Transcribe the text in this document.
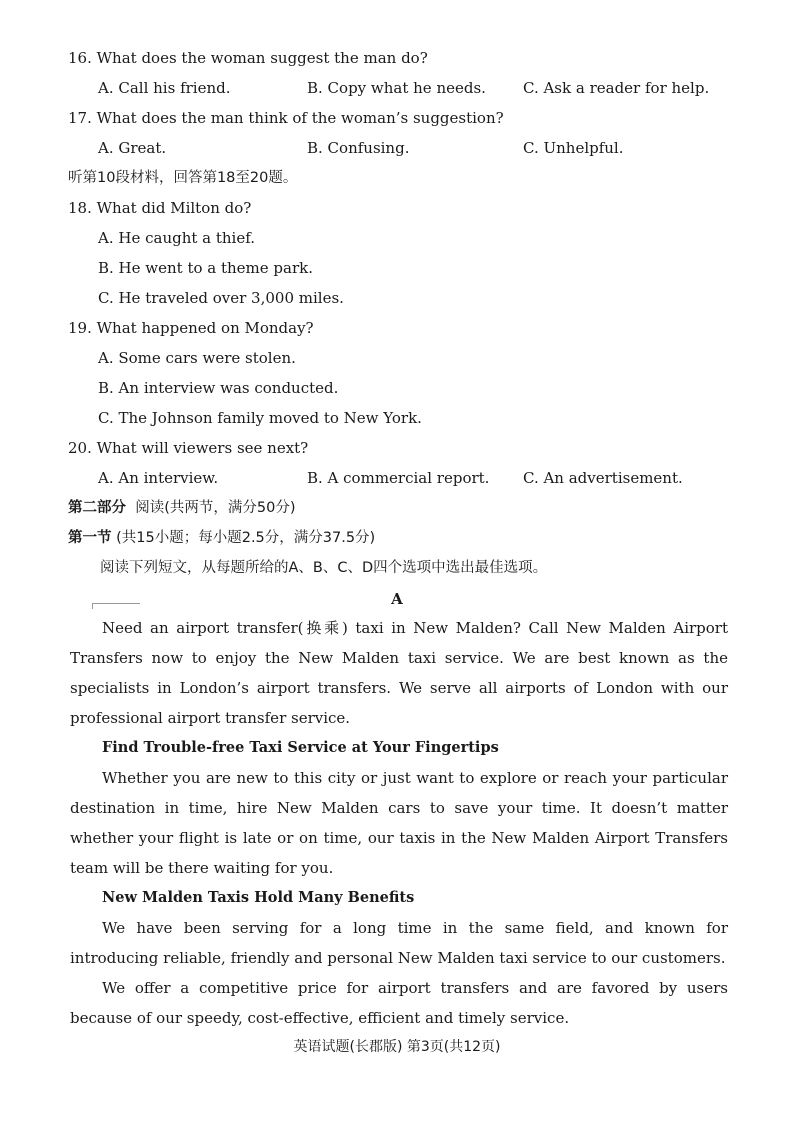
16. What does the woman suggest the man do?
A. Call his friend.	B. Copy what he needs. C. Ask a reader for help.
17. What does the man think of the woman’s suggestion?
A. Great.	B. Confusing.	C. Unhelpful.
听第10段材料，回答第18至20题。
18. What did Milton do?
A. He caught a thief.
B. He went to a theme park.
C. He traveled over 3,000 miles.
19. What happened on Monday?
A. Some cars were stolen.
B. An interview was conducted.
C. The Johnson family moved to New York.
20. What will viewers see next?
A. An interview.	B. A commercial report. C. An advertisement.
第二部分 阅读(共两节，满分50分)
第一节 (共15小题；每小题2.5分，满分37.5分)
阅读下列短文，从每题所给的A、B、C、D四个选项中选出最佳选项。
A
Need an airport transfer(换乘) taxi in New Malden? Call New Malden Airport Transfers now to enjoy the New Malden taxi service. We are best known as the specialists in London’s airport transfers. We serve all airports of London with our professional airport transfer service.
Find Trouble-free Taxi Service at Your Fingertips
Whether you are new to this city or just want to explore or reach your particular destination in time, hire New Malden cars to save your time. It doesn’t matter whether your flight is late or on time, our taxis in the New Malden Airport Transfers team will be there waiting for you.
New Malden Taxis Hold Many Benefits
We have been serving for a long time in the same field, and known for introducing reliable, friendly and personal New Malden taxi service to our customers.
We offer a competitive price for airport transfers and are favored by users because of our speedy, cost-effective, efficient and timely service.
英语试题(长郡版) 第3页(共12页)
